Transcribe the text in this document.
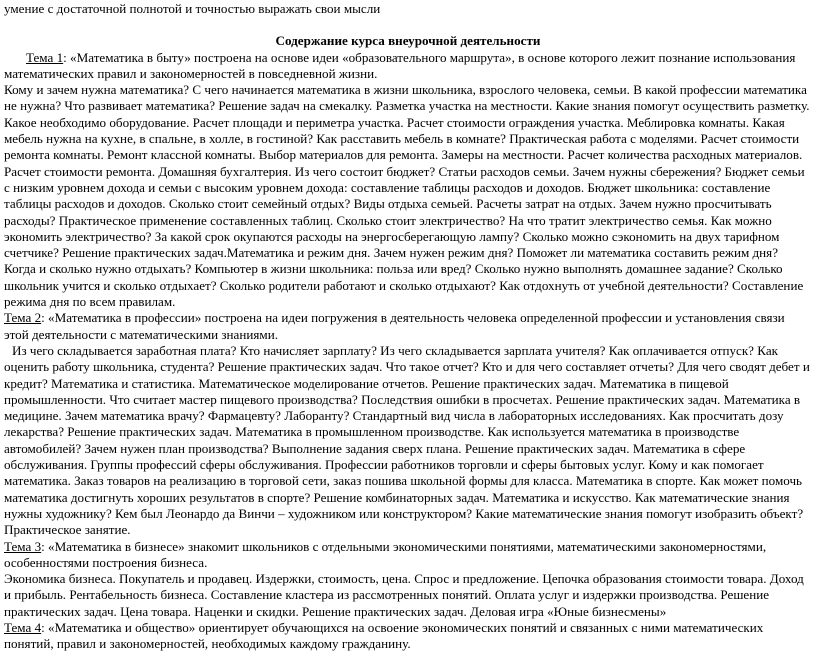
умение с достаточной полнотой и точностью выражать свои мысли

Содержание курса внеурочной деятельности

Тема 1: «Математика в быту» построена на основе идеи «образовательного маршрута», в основе которого лежит познание использования математических правил и закономерностей в повседневной жизни.

Кому и зачем нужна математика? С чего начинается математика в жизни школьника, взрослого человека, семьи. В какой профессии математика не нужна? Что развивает математика? Решение задач на смекалку. Разметка участка на местности. Какие знания помогут осуществить разметку. Какое необходимо оборудование. Расчет площади и периметра участка. Расчет стоимости ограждения участка. Меблировка комнаты. Какая мебель нужна на кухне, в спальне, в холле, в гостиной? Как расставить мебель в комнате? Практическая работа с моделями. Расчет стоимости ремонта комнаты. Ремонт классной комнаты. Выбор материалов для ремонта. Замеры на местности. Расчет количества расходных материалов. Расчет стоимости ремонта. Домашняя бухгалтерия. Из чего состоит бюджет? Статьи расходов семьи. Зачем нужны сбережения? Бюджет семьи с низким уровнем дохода и семьи с высоким уровнем дохода: составление таблицы расходов и доходов. Бюджет школьника: составление таблицы расходов и доходов. Сколько стоит семейный отдых? Виды отдыха семьей. Расчеты затрат на отдых. Зачем нужно просчитывать расходы? Практическое применение составленных таблиц. Сколько стоит электричество? На что тратит электричество семья. Как можно экономить электричество? За какой срок окупаются расходы на энергосберегающую лампу? Сколько можно сэкономить на двух тарифном счетчике? Решение практических задач.Математика и режим дня. Зачем нужен режим дня? Поможет ли математика составить режим дня? Когда и сколько нужно отдыхать? Компьютер в жизни школьника: польза или вред? Сколько нужно выполнять домашнее задание? Сколько школьник учится и сколько отдыхает? Сколько родители работают и сколько отдыхают? Как отдохнуть от учебной деятельности? Составление режима дня по всем правилам.

Тема 2: «Математика в профессии» построена на идеи погружения в деятельность человека определенной профессии и установления связи этой деятельности с математическими знаниями.

Из чего складывается заработная плата? Кто начисляет зарплату? Из чего складывается зарплата учителя? Как оплачивается отпуск? Как оценить работу школьника, студента? Решение практических задач. Что такое отчет? Кто и для чего составляет отчеты? Для чего сводят дебет и кредит? Математика и статистика. Математическое моделирование отчетов. Решение практических задач. Математика в пищевой промышленности. Что считает мастер пищевого производства? Последствия ошибки в просчетах. Решение практических задач. Математика в медицине. Зачем математика врачу? Фармацевту? Лаборанту? Стандартный вид числа в лабораторных исследованиях. Как просчитать дозу лекарства? Решение практических задач. Математика в промышленном производстве. Как используется математика в производстве автомобилей? Зачем нужен план производства? Выполнение задания сверх плана. Решение практических задач. Математика в сфере обслуживания. Группы профессий сферы обслуживания. Профессии работников торговли и сферы бытовых услуг. Кому и как помогает математика. Заказ товаров на реализацию в торговой сети, заказ пошива школьной формы для класса. Математика в спорте. Как может помочь математика достигнуть хороших результатов в спорте? Решение комбинаторных задач. Математика и искусство. Как математические знания нужны художнику? Кем был Леонардо да Винчи – художником или конструктором? Какие математические знания помогут изобразить объект? Практическое занятие.

Тема 3: «Математика в бизнесе» знакомит школьников с отдельными экономическими понятиями, математическими закономерностями, особенностями построения бизнеса.

Экономика бизнеса. Покупатель и продавец. Издержки, стоимость, цена. Спрос и предложение. Цепочка образования стоимости товара. Доход и прибыль. Рентабельность бизнеса. Составление кластера из рассмотренных понятий. Оплата услуг и издержки производства. Решение практических задач. Цена товара. Наценки и скидки. Решение практических задач. Деловая игра «Юные бизнесмены»

Тема 4: «Математика и общество» ориентирует обучающихся на освоение экономических понятий и связанных с ними математических понятий, правил и закономерностей, необходимых каждому гражданину.
